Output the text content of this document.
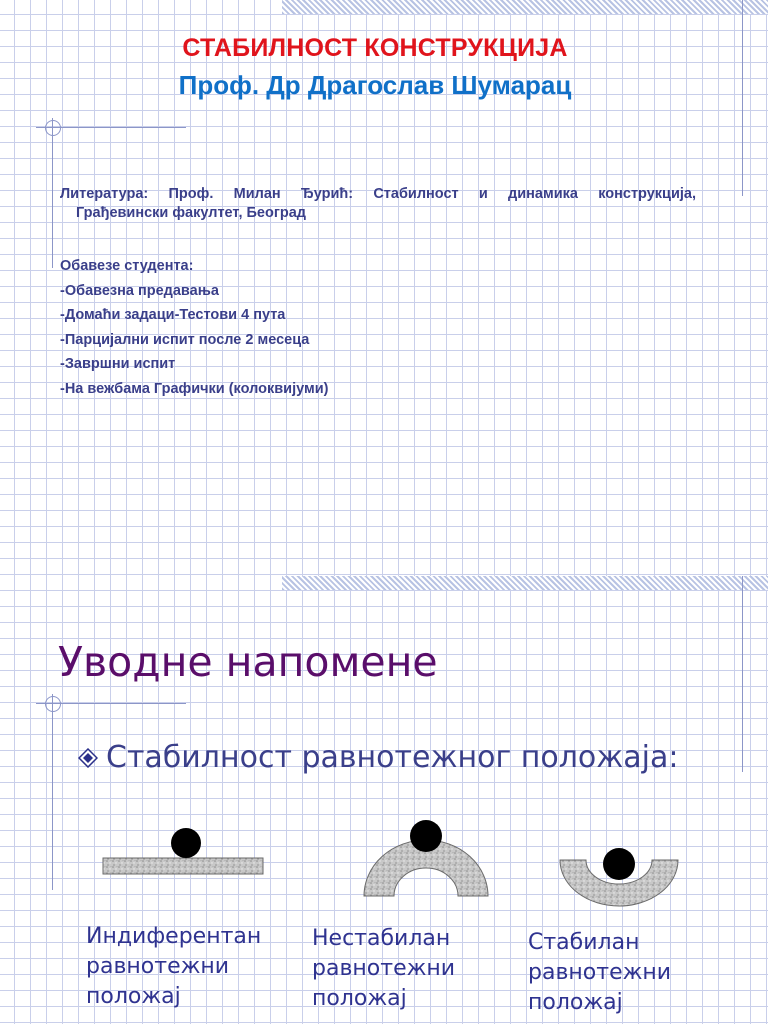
СТАБИЛНОСТ КОНСТРУКЦИЈА
Проф. Др Драгослав Шумарац
Литература: Проф. Милан Ђурић: Стабилност и динамика конструкција,
Грађевински факултет, Београд
Обавезе студента:
-Обавезна предавања
-Домаћи задаци-Тестови 4 пута
-Парцијални испит после 2 месеца
-Завршни испит
-На вежбама Графички (колоквијуми)
Уводне напомене
Стабилност равнотежног положаја:
Индиферентан
равнотежни
положај
Нестабилан
равнотежни
положај
Стабилан
равнотежни
положај
